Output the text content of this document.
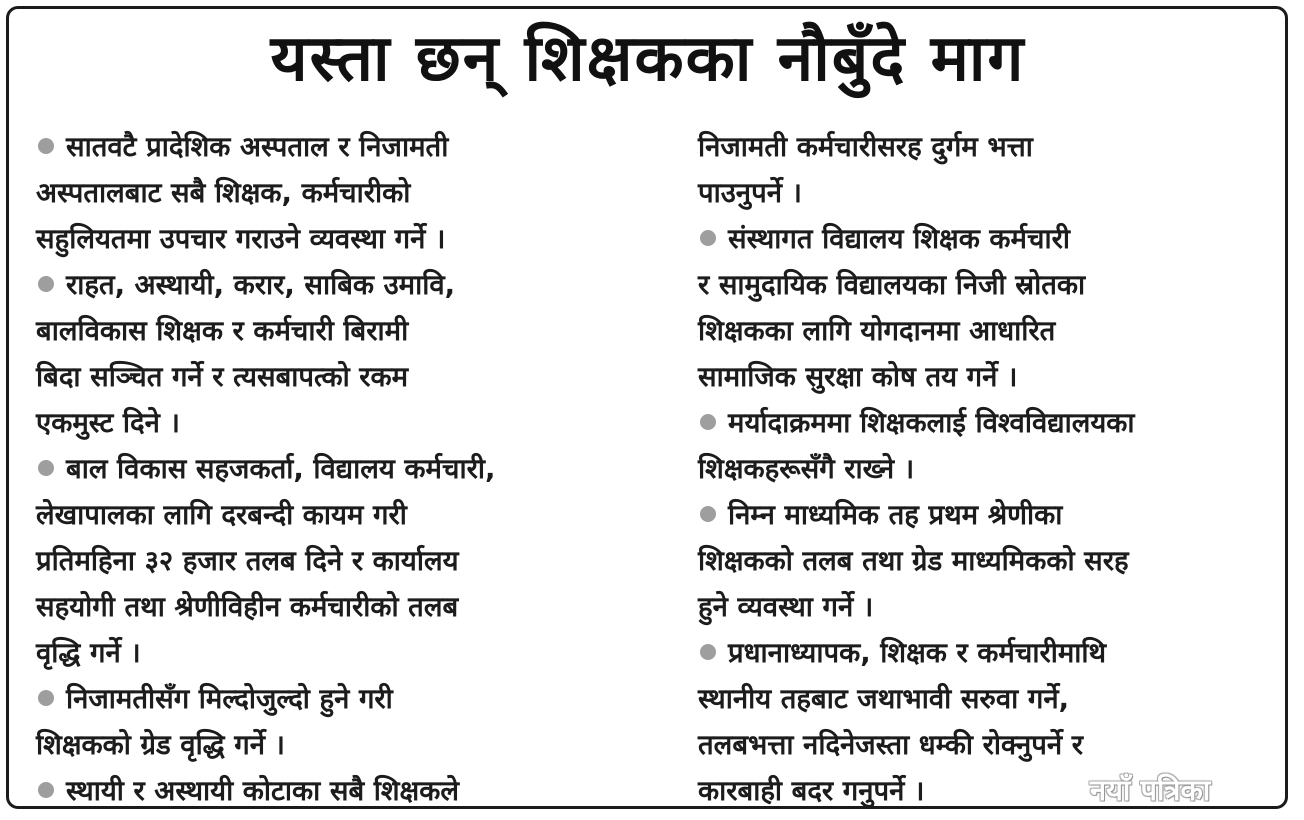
यस्ता छन् शिक्षकका नौबुँदे माग
सातवटै प्रादेशिक अस्पताल र निजामती
अस्पतालबाट सबै शिक्षक, कर्मचारीको
सहुलियतमा उपचार गराउने व्यवस्था गर्ने ।
राहत, अस्थायी, करार, साबिक उमावि,
बालविकास शिक्षक र कर्मचारी बिरामी
बिदा सञ्चित गर्ने र त्यसबापत्को रकम
एकमुस्ट दिने ।
बाल विकास सहजकर्ता, विद्यालय कर्मचारी,
लेखापालका लागि दरबन्दी कायम गरी
प्रतिमहिना ३२ हजार तलब दिने र कार्यालय
सहयोगी तथा श्रेणीविहीन कर्मचारीको तलब
वृद्धि गर्ने ।
निजामतीसँग मिल्दोजुल्दो हुने गरी
शिक्षकको ग्रेड वृद्धि गर्ने ।
स्थायी र अस्थायी कोटाका सबै शिक्षकले
निजामती कर्मचारीसरह दुर्गम भत्ता
पाउनुपर्ने ।
संस्थागत विद्यालय शिक्षक कर्मचारी
र सामुदायिक विद्यालयका निजी स्रोतका
शिक्षकका लागि योगदानमा आधारित
सामाजिक सुरक्षा कोष तय गर्ने ।
मर्यादाक्रममा शिक्षकलाई विश्वविद्यालयका
शिक्षकहरूसँगै राख्ने ।
निम्न माध्यमिक तह प्रथम श्रेणीका
शिक्षकको तलब तथा ग्रेड माध्यमिकको सरह
हुने व्यवस्था गर्ने ।
प्रधानाध्यापक, शिक्षक र कर्मचारीमाथि
स्थानीय तहबाट जथाभावी सरुवा गर्ने,
तलबभत्ता नदिनेजस्ता धम्की रोक्नुपर्ने र
कारबाही बदर गनुपर्ने ।	नयाँ पत्रिका
